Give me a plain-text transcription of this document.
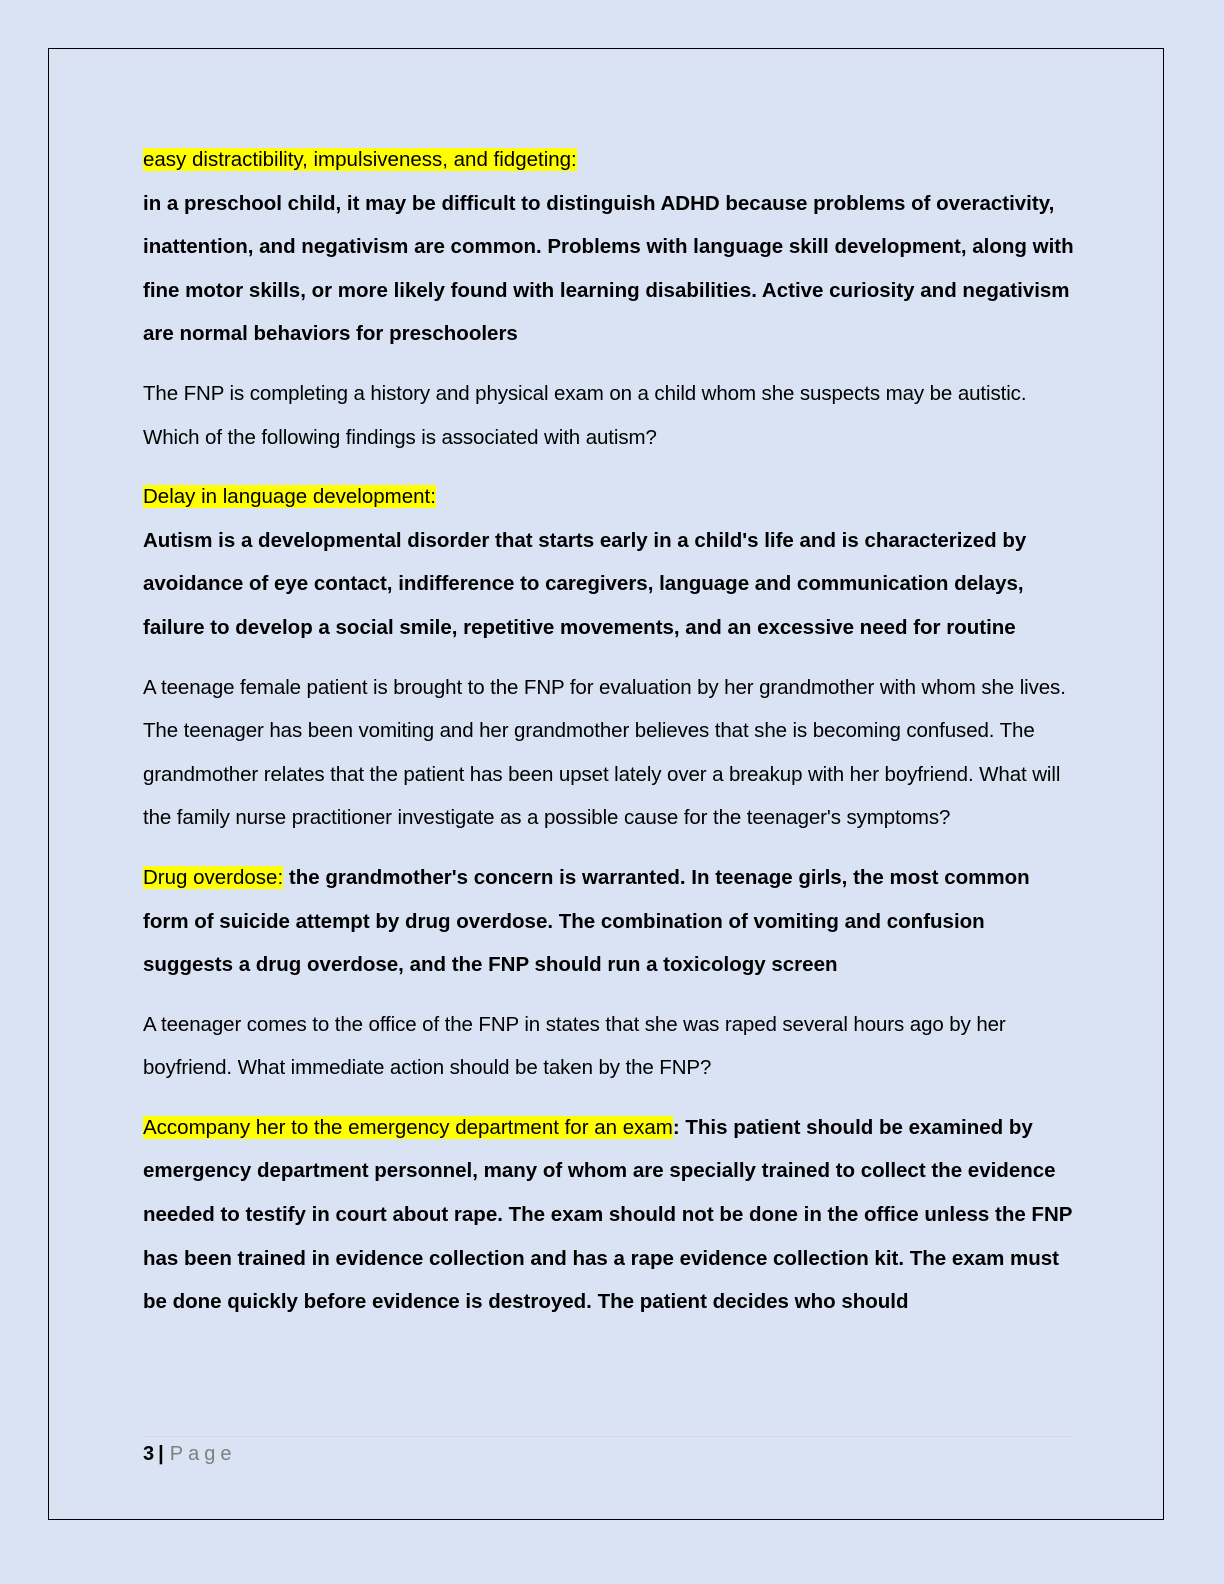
easy distractibility, impulsiveness, and fidgeting:
in a preschool child, it may be difficult to distinguish ADHD because problems of overactivity, inattention, and negativism are common. Problems with language skill development, along with fine motor skills, or more likely found with learning disabilities. Active curiosity and negativism are normal behaviors for preschoolers
The FNP is completing a history and physical exam on a child whom she suspects may be autistic. Which of the following findings is associated with autism?
Delay in language development:
Autism is a developmental disorder that starts early in a child's life and is characterized by avoidance of eye contact, indifference to caregivers, language and communication delays, failure to develop a social smile, repetitive movements, and an excessive need for routine
A teenage female patient is brought to the FNP for evaluation by her grandmother with whom she lives. The teenager has been vomiting and her grandmother believes that she is becoming confused. The grandmother relates that the patient has been upset lately over a breakup with her boyfriend. What will the family nurse practitioner investigate as a possible cause for the teenager's symptoms?
Drug overdose: the grandmother's concern is warranted. In teenage girls, the most common form of suicide attempt by drug overdose. The combination of vomiting and confusion suggests a drug overdose, and the FNP should run a toxicology screen
A teenager comes to the office of the FNP in states that she was raped several hours ago by her boyfriend. What immediate action should be taken by the FNP?
Accompany her to the emergency department for an exam: This patient should be examined by emergency department personnel, many of whom are specially trained to collect the evidence needed to testify in court about rape. The exam should not be done in the office unless the FNP has been trained in evidence collection and has a rape evidence collection kit. The exam must be done quickly before evidence is destroyed. The patient decides who should
3 | Page
